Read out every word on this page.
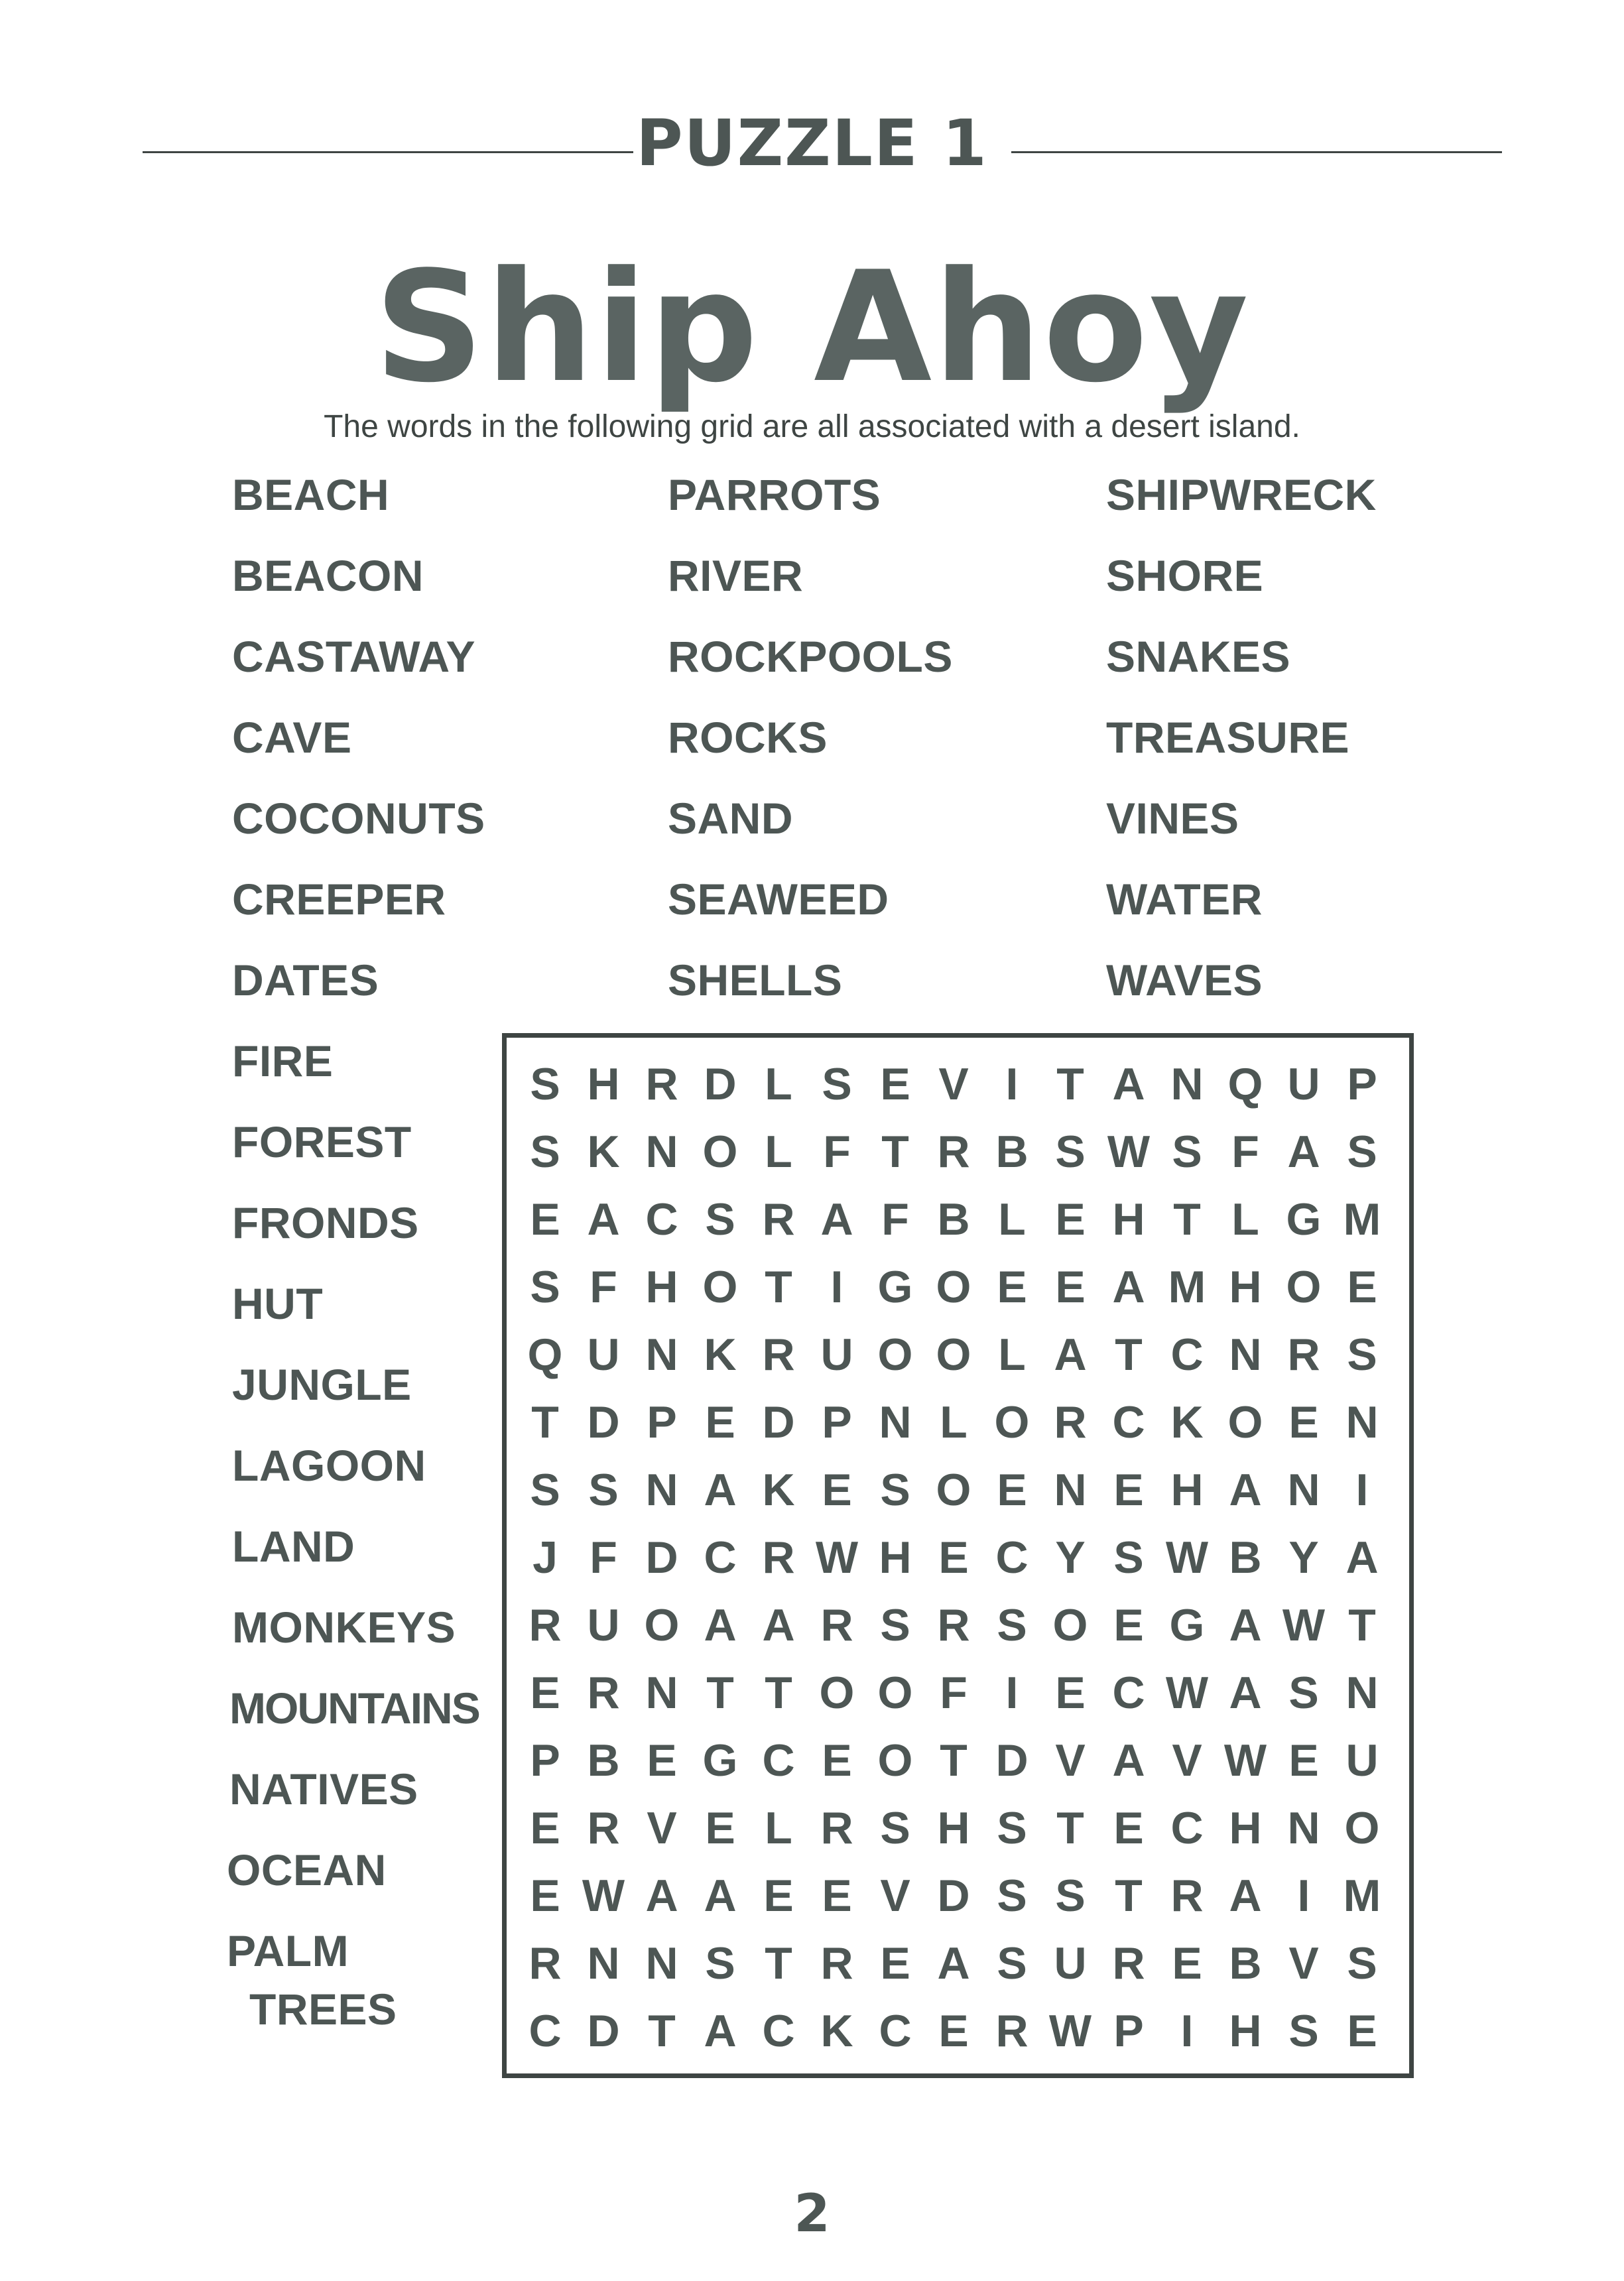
PUZZLE 1
Ship Ahoy
The words in the following grid are all associated with a desert island.
BEACH
BEACON
CASTAWAY
CAVE
COCONUTS
CREEPER
DATES
FIRE
FOREST
FRONDS
HUT
JUNGLE
LAGOON
LAND
MONKEYS
MOUNTAINS
NATIVES
OCEAN
PALM
TREES
PARROTS
RIVER
ROCKPOOLS
ROCKS
SAND
SEAWEED
SHELLS
SHIPWRECK
SHORE
SNAKES
TREASURE
VINES
WATER
WAVES
S H R D L S E V I T A N Q U P
S K N O L F T R B S W S F A S
E A C S R A F B L E H T L G M
S F H O T I G O E E A M H O E
Q U N K R U O O L A T C N R S
T D P E D P N L O R C K O E N
S S N A K E S O E N E H A N I
J F D C R W H E C Y S W B Y A
R U O A A R S R S O E G A W T
E R N T T O O F I E C W A S N
P B E G C E O T D V A V W E U
E R V E L R S H S T E C H N O
E W A A E E V D S S T R A I M
R N N S T R E A S U R E B V S
C D T A C K C E R W P I H S E
2
